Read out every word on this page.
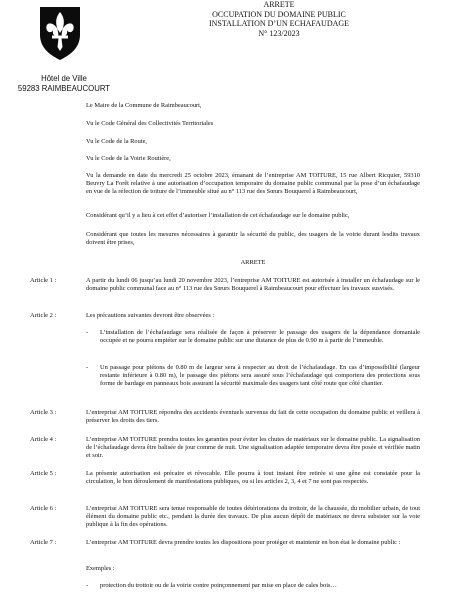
ARRETE
OCCUPATION DU DOMAINE PUBLIC
INSTALLATION D’UN ECHAFAUDAGE
N° 123/2023
Hôtel de Ville
59283 RAIMBEAUCOURT
Le Maire de la Commune de Raimbeaucourt,
Vu le Code Général des Collectivités Territoriales
Vu le Code de la Route,
Vu le Code de la Voirie Routière,
Vu la demande en date du mercredi 25 octobre 2023, émanant de l’entreprise AM TOITURE, 15 rue Albert Ricquier, 59310 Beuvry La Forêt relative à une autorisation d’occupation temporaire du domaine public communal par la pose d’un échafaudage en vue de la réfection de toiture de l’immeuble situé au n° 113 rue des Sœurs Bouquerel à Raimbeaucourt,
Considérant qu’il y a lieu à cet effet d’autoriser l’installation de cet échafaudage sur le domaine public,
Considérant que toutes les mesures nécessaires à garantir la sécurité du public, des usagers de la voirie durant lesdits travaux doivent être prises,
ARRETE
Article 1 :	A partir du lundi 06 jusqu’au lundi 20 novembre 2023, l’entreprise AM TOITURE est autorisée à installer un échafaudage sur le domaine public communal face au n° 113 rue des Sœurs Bouquerel à Raimbeaucourt pour effectuer les travaux susvisés.
Article 2 :	Les précautions suivantes devront être observées :
- L’installation de l’échafaudage sera réalisée de façon à préserver le passage des usagers de la dépendance domaniale occupée et ne pourra empiéter sur le domaine public sur une distance de plus de 0.90 m à partir de l’immeuble.
- Un passage pour piétons de 0.80 m de largeur sera à respecter au droit de l’échafaudage. En cas d’impossibilité (largeur restante inférieure à 0.80 m), le passage des piétons sera assuré sous l’échafaudage qui comportera des protections sous forme de bardage en panneaux bois assurant la sécurité maximale des usagers tant côté route que côté chantier.
Article 3 :	L’entreprise AM TOITURE répondra des accidents éventuels survenus du fait de cette occupation du domaine public et veillera à préserver les droits des tiers.
Article 4 :	L’entreprise AM TOITURE prendra toutes les garanties pour éviter les chutes de matériaux sur le domaine public. La signalisation de l’échafaudage devra être balisée de jour comme de nuit. Une signalisation adaptée temporaire devra être posée et vérifiée matin et soir.
Article 5 :	La présente autorisation est précaire et révocable. Elle pourra à tout instant être retirée si une gêne est constatée pour la circulation, le bon déroulement de manifestations publiques, ou si les articles 2, 3, 4 et 7 ne sont pas respectés.
Article 6 :	L’entreprise AM TOITURE sera tenue responsable de toutes détériorations du trottoir, de la chaussée, du mobilier urbain, de tout élément du domaine public etc., pendant la durée des travaux. De plus aucun dépôt de matériaux ne devra subsister sur la voie publique à la fin des opérations.
Article 7 :	L’entreprise AM TOITURE devra prendre toutes les dispositions pour protéger et maintenir en bon état le domaine public :
Exemples :
- protection du trottoir ou de la voirie contre poinçonnement par mise en place de cales bois…
